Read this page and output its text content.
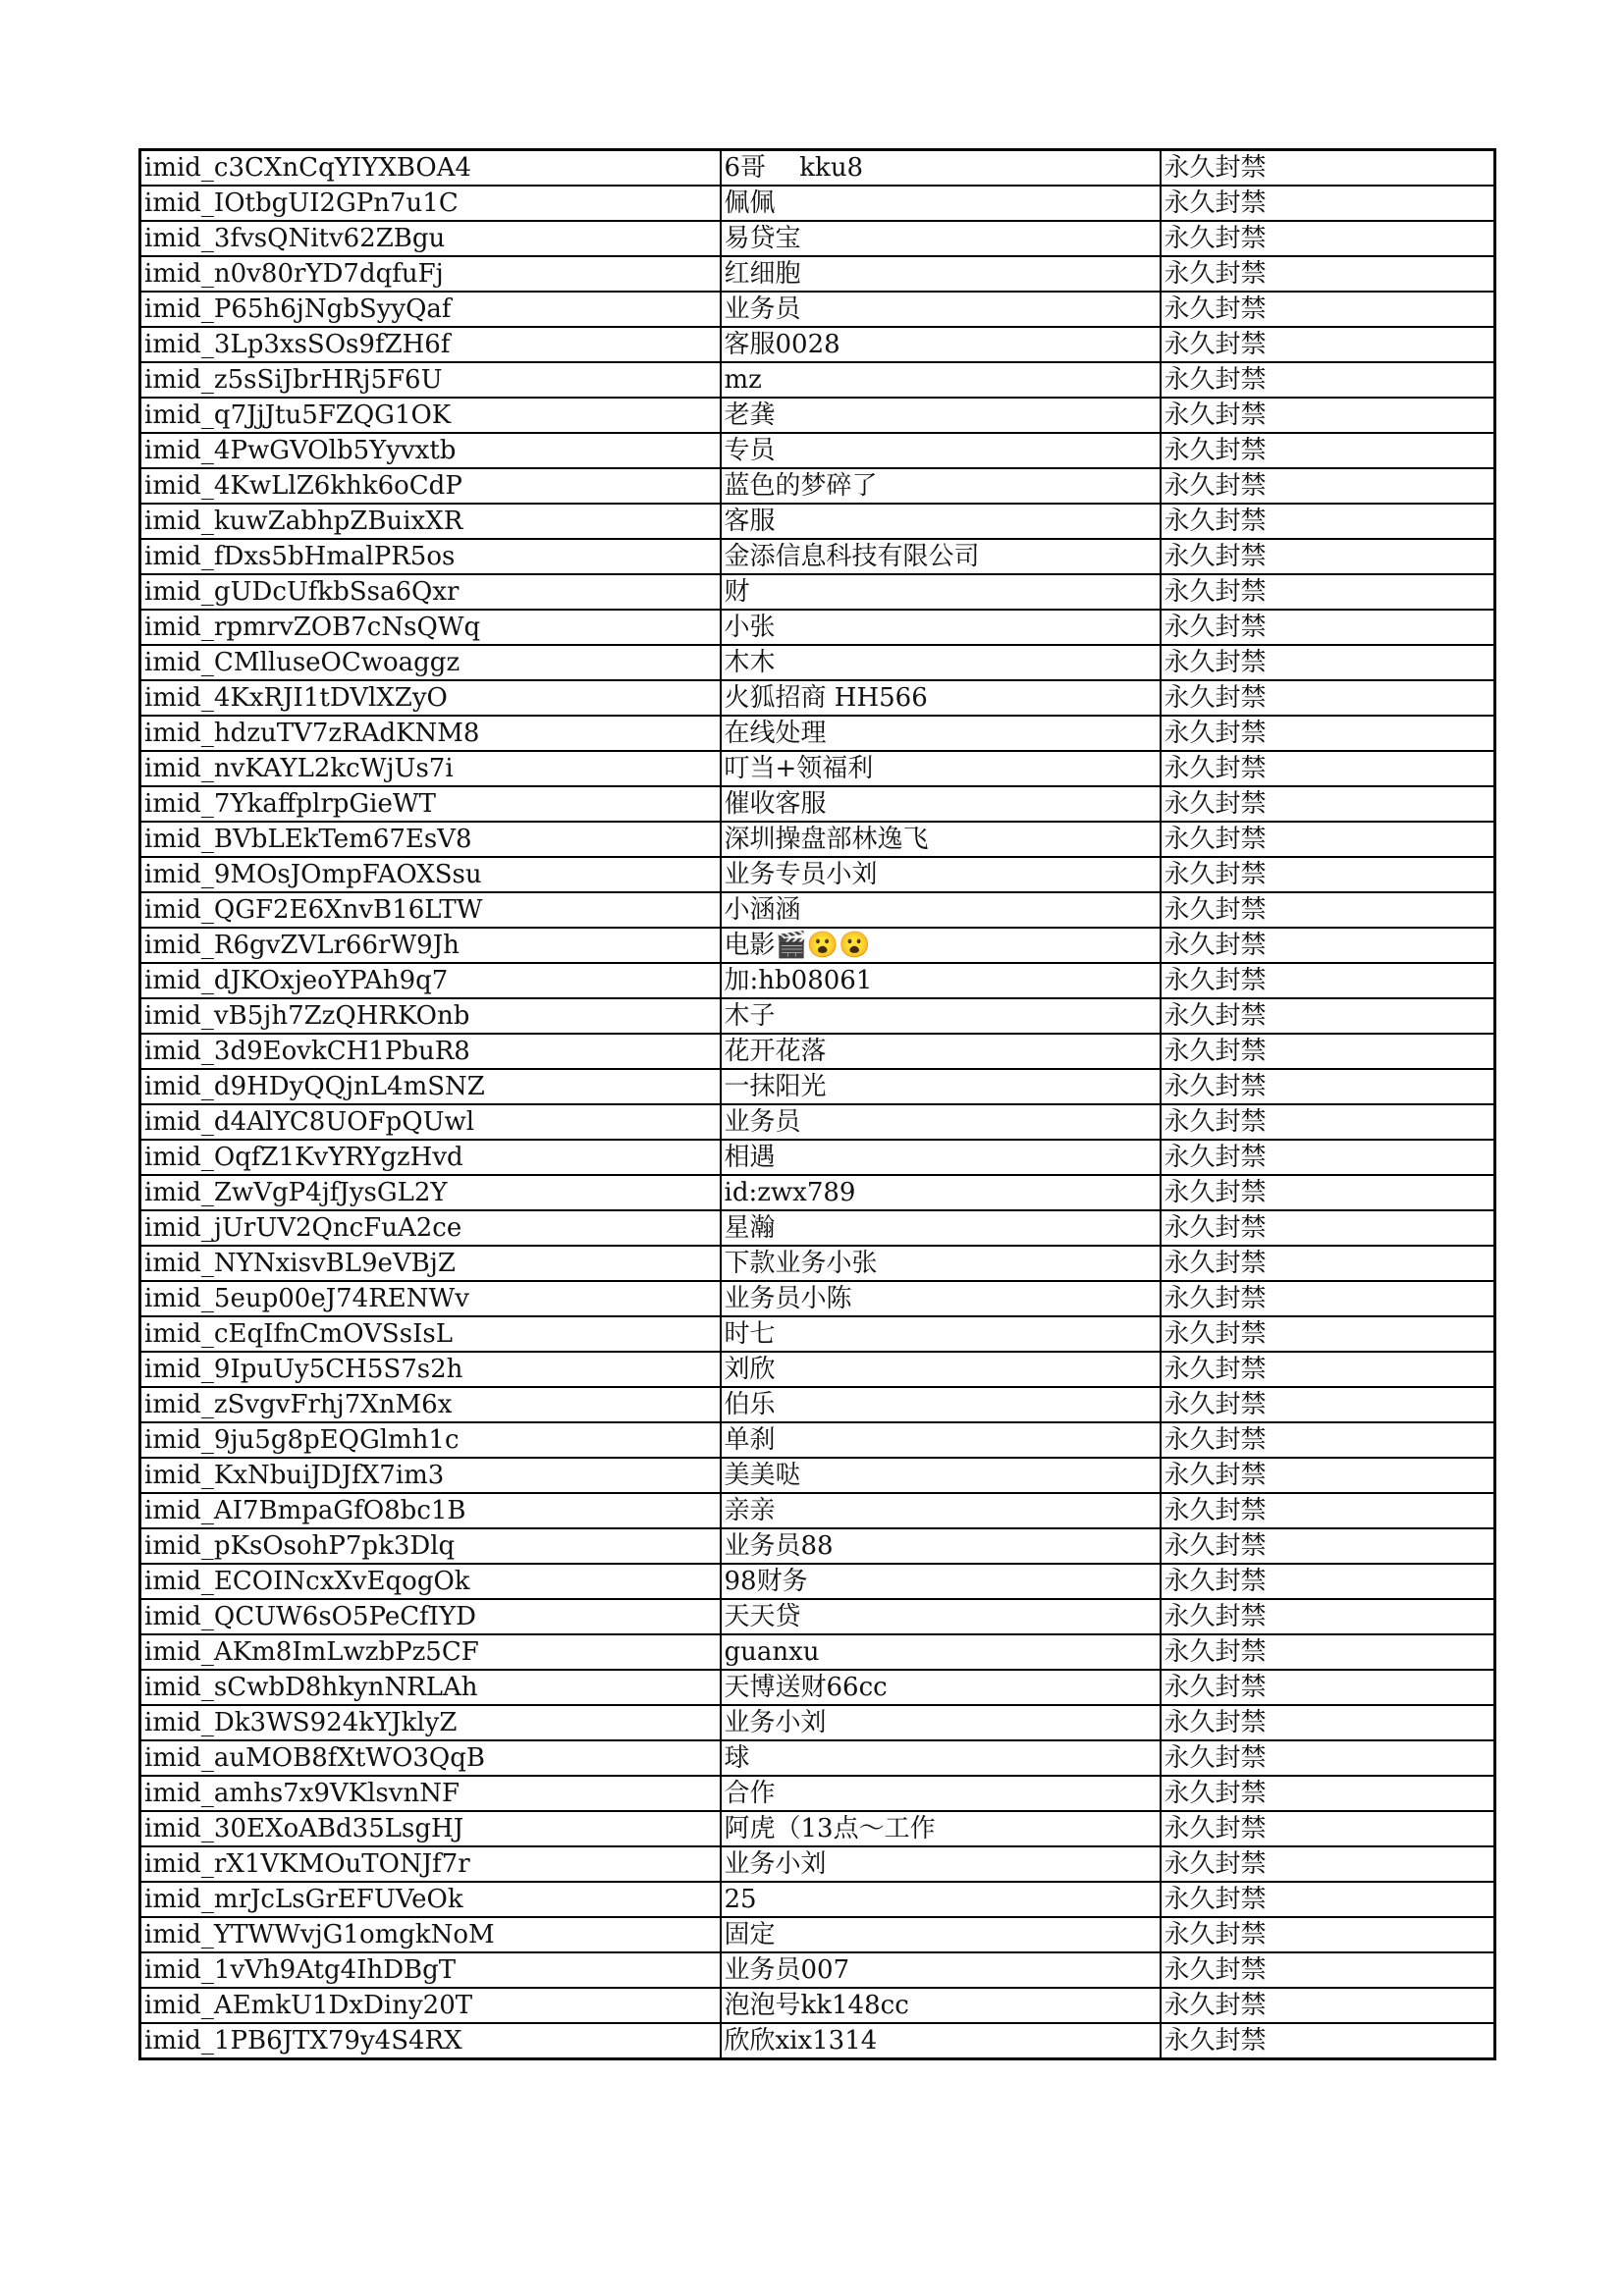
imid_c3CXnCqYIYXBOA4	6哥　 kku8	永久封禁
imid_IOtbgUI2GPn7u1C	佩佩	永久封禁
imid_3fvsQNitv62ZBgu	易贷宝	永久封禁
imid_n0v80rYD7dqfuFj	红细胞	永久封禁
imid_P65h6jNgbSyyQaf	业务员	永久封禁
imid_3Lp3xsSOs9fZH6f	客服0028	永久封禁
imid_z5sSiJbrHRj5F6U	mz	永久封禁
imid_q7JjJtu5FZQG1OK	老龚	永久封禁
imid_4PwGVOlb5Yyvxtb	专员	永久封禁
imid_4KwLlZ6khk6oCdP	蓝色的梦碎了	永久封禁
imid_kuwZabhpZBuixXR	客服	永久封禁
imid_fDxs5bHmalPR5os	金添信息科技有限公司	永久封禁
imid_gUDcUfkbSsa6Qxr	财	永久封禁
imid_rpmrvZOB7cNsQWq	小张	永久封禁
imid_CMlluseOCwoaggz	木木	永久封禁
imid_4KxRJI1tDVlXZyO	火狐招商 HH566	永久封禁
imid_hdzuTV7zRAdKNM8	在线处理	永久封禁
imid_nvKAYL2kcWjUs7i	叮当+领福利	永久封禁
imid_7YkaffplrpGieWT	催收客服	永久封禁
imid_BVbLEkTem67EsV8	深圳操盘部林逸飞	永久封禁
imid_9MOsJOmpFAOXSsu	业务专员小刘	永久封禁
imid_QGF2E6XnvB16LTW	小涵涵	永久封禁
imid_R6gvZVLr66rW9Jh	电影🎬😮😮	永久封禁
imid_dJKOxjeoYPAh9q7	加:hb08061	永久封禁
imid_vB5jh7ZzQHRKOnb	木子	永久封禁
imid_3d9EovkCH1PbuR8	花开花落	永久封禁
imid_d9HDyQQjnL4mSNZ	一抹阳光	永久封禁
imid_d4AlYC8UOFpQUwl	业务员	永久封禁
imid_OqfZ1KvYRYgzHvd	相遇	永久封禁
imid_ZwVgP4jfJysGL2Y	id:zwx789	永久封禁
imid_jUrUV2QncFuA2ce	星瀚	永久封禁
imid_NYNxisvBL9eVBjZ	下款业务小张	永久封禁
imid_5eup00eJ74RENWv	业务员小陈	永久封禁
imid_cEqIfnCmOVSsIsL	时七	永久封禁
imid_9IpuUy5CH5S7s2h	刘欣	永久封禁
imid_zSvgvFrhj7XnM6x	伯乐	永久封禁
imid_9ju5g8pEQGlmh1c	单刹	永久封禁
imid_KxNbuiJDJfX7im3	美美哒	永久封禁
imid_AI7BmpaGfO8bc1B	亲亲	永久封禁
imid_pKsOsohP7pk3Dlq	业务员88	永久封禁
imid_ECOINcxXvEqogOk	98财务	永久封禁
imid_QCUW6sO5PeCfIYD	天天贷	永久封禁
imid_AKm8ImLwzbPz5CF	guanxu	永久封禁
imid_sCwbD8hkynNRLAh	天博送财66cc	永久封禁
imid_Dk3WS924kYJklyZ	业务小刘	永久封禁
imid_auMOB8fXtWO3QqB	球	永久封禁
imid_amhs7x9VKlsvnNF	合作	永久封禁
imid_30EXoABd35LsgHJ	阿虎（13点～工作	永久封禁
imid_rX1VKMOuTONJf7r	业务小刘	永久封禁
imid_mrJcLsGrEFUVeOk	25	永久封禁
imid_YTWWvjG1omgkNoM	固定	永久封禁
imid_1vVh9Atg4IhDBgT	业务员007	永久封禁
imid_AEmkU1DxDiny20T	泡泡号kk148cc	永久封禁
imid_1PB6JTX79y4S4RX	欣欣xix1314	永久封禁
